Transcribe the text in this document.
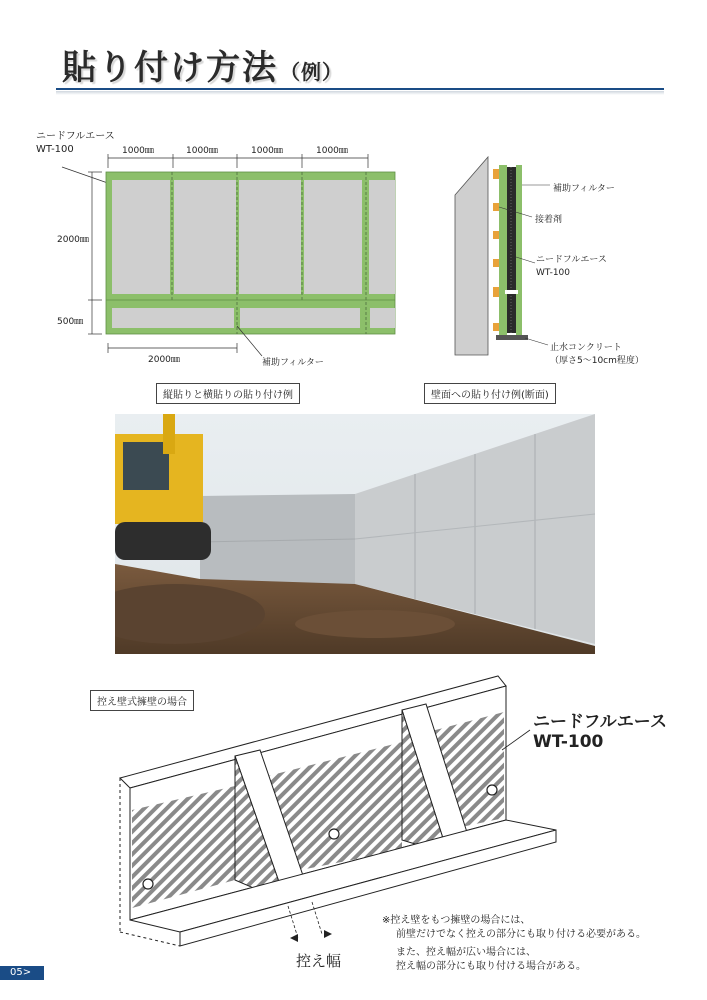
貼り付け方法 （例）
ニードフルエース
WT-100	1000㎜	1000㎜	1000㎜	1000㎜
2000㎜
500㎜
2000㎜	補助フィルター
縦貼りと横貼りの貼り付け例
補助フィルター
接着剤
ニードフルエース
WT-100
止水コンクリート
（厚さ5～10cm程度）
壁面への貼り付け例(断面)
控え壁式擁壁の場合
ニードフルエース
WT-100
控え幅
※控え壁をもつ擁壁の場合には、
前壁だけでなく控えの部分にも取り付ける必要がある。
また、控え幅が広い場合には、
控え幅の部分にも取り付ける場合がある。
05>
